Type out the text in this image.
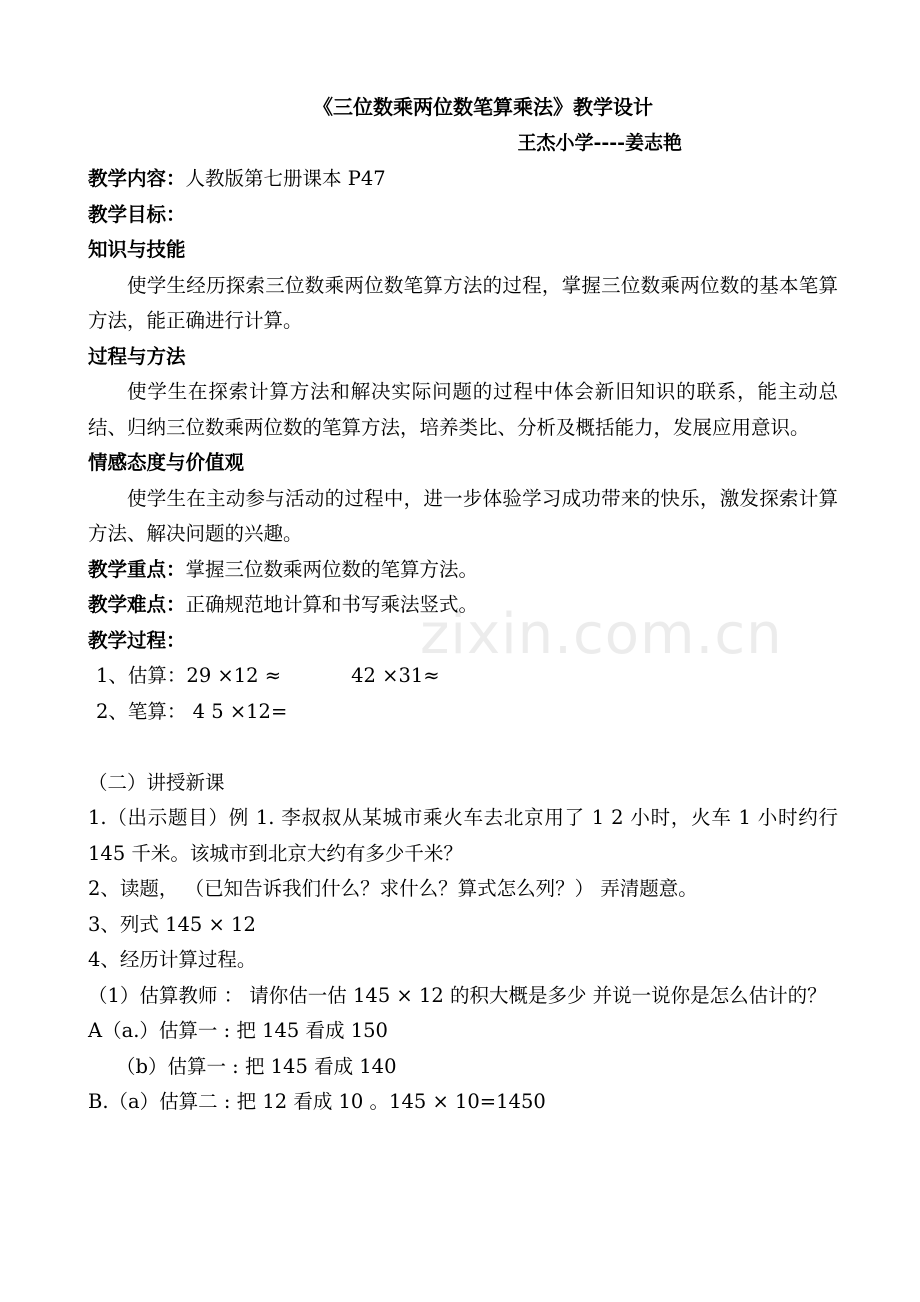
zixin.com.cn
《三位数乘两位数笔算乘法》教学设计
王杰小学----姜志艳
教学内容：人教版第七册课本 P47
教学目标：
知识与技能
使学生经历探索三位数乘两位数笔算方法的过程，掌握三位数乘两位数的基本笔算方法，能正确进行计算。
过程与方法
使学生在探索计算方法和解决实际问题的过程中体会新旧知识的联系，能主动总结、归纳三位数乘两位数的笔算方法，培养类比、分析及概括能力，发展应用意识。
情感态度与价值观
使学生在主动参与活动的过程中，进一步体验学习成功带来的快乐，激发探索计算方法、解决问题的兴趣。
教学重点：掌握三位数乘两位数的笔算方法。
教学难点：正确规范地计算和书写乘法竖式。
教学过程：
1、估算：29 ×12 ≈	42 ×31≈
2、笔算： 4 5 ×12=
（二）讲授新课
1.（出示题目）例 1. 李叔叔从某城市乘火车去北京用了 1 2 小时，火车 1 小时约行 145 千米。该城市到北京大约有多少千米？
2、读题， （已知告诉我们什么？求什么？算式怎么列？） 弄清题意。
3、列式 145 × 12
4、经历计算过程。
（1）估算教师 ： 请你估一估 145 × 12 的积大概是多少 并说一说你是怎么估计的？
A（a.）估算一 : 把 145 看成 150
（b）估算一 : 把 145 看成 140
B.（a）估算二 : 把 12 看成 10 。145 × 10=1450
